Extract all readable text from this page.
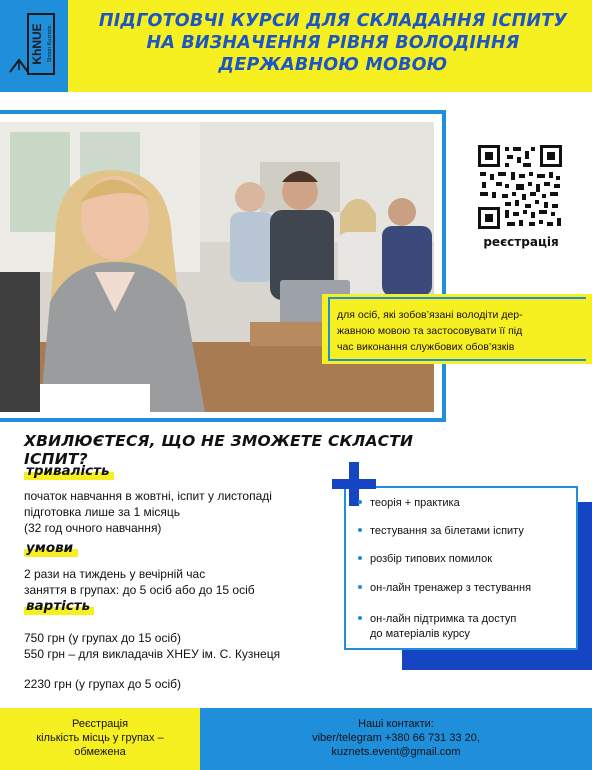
KhNUE Simon Kuznets
ПІДГОТОВЧІ КУРСИ ДЛЯ СКЛАДАННЯ ІСПИТУ
НА ВИЗНАЧЕННЯ РІВНЯ ВОЛОДІННЯ
ДЕРЖАВНОЮ МОВОЮ
реєстрація
для осіб, які зобов’язані володіти дер-
жавною мовою та застосовувати її під
час виконання службових обов’язків
ХВИЛЮЄТЕСЯ, ЩО НЕ ЗМОЖЕТЕ СКЛАСТИ ІСПИТ?
тривалість
початок навчання в жовтні, іспит у листопаді
підготовка лише за 1 місяць
(32 год очного навчання)
умови
2 рази на тиждень у вечірній час
заняття в групах: до 5 осіб або до 15 осіб
вартість
750 грн (у групах до 15 осіб)
550 грн – для викладачів ХНЕУ ім. С. Кузнеця
2230 грн (у групах до 5 осіб)
теорія + практика
тестування за білетами іспиту
розбір типових помилок
он-лайн тренажер з тестування
он-лайн підтримка та доступ
до матеріалів курсу
Реєстрація
кількість місць у групах –
обмежена
Наші контакти:
viber/telegram +380 66 731 33 20,
kuznets.event@gmail.com
